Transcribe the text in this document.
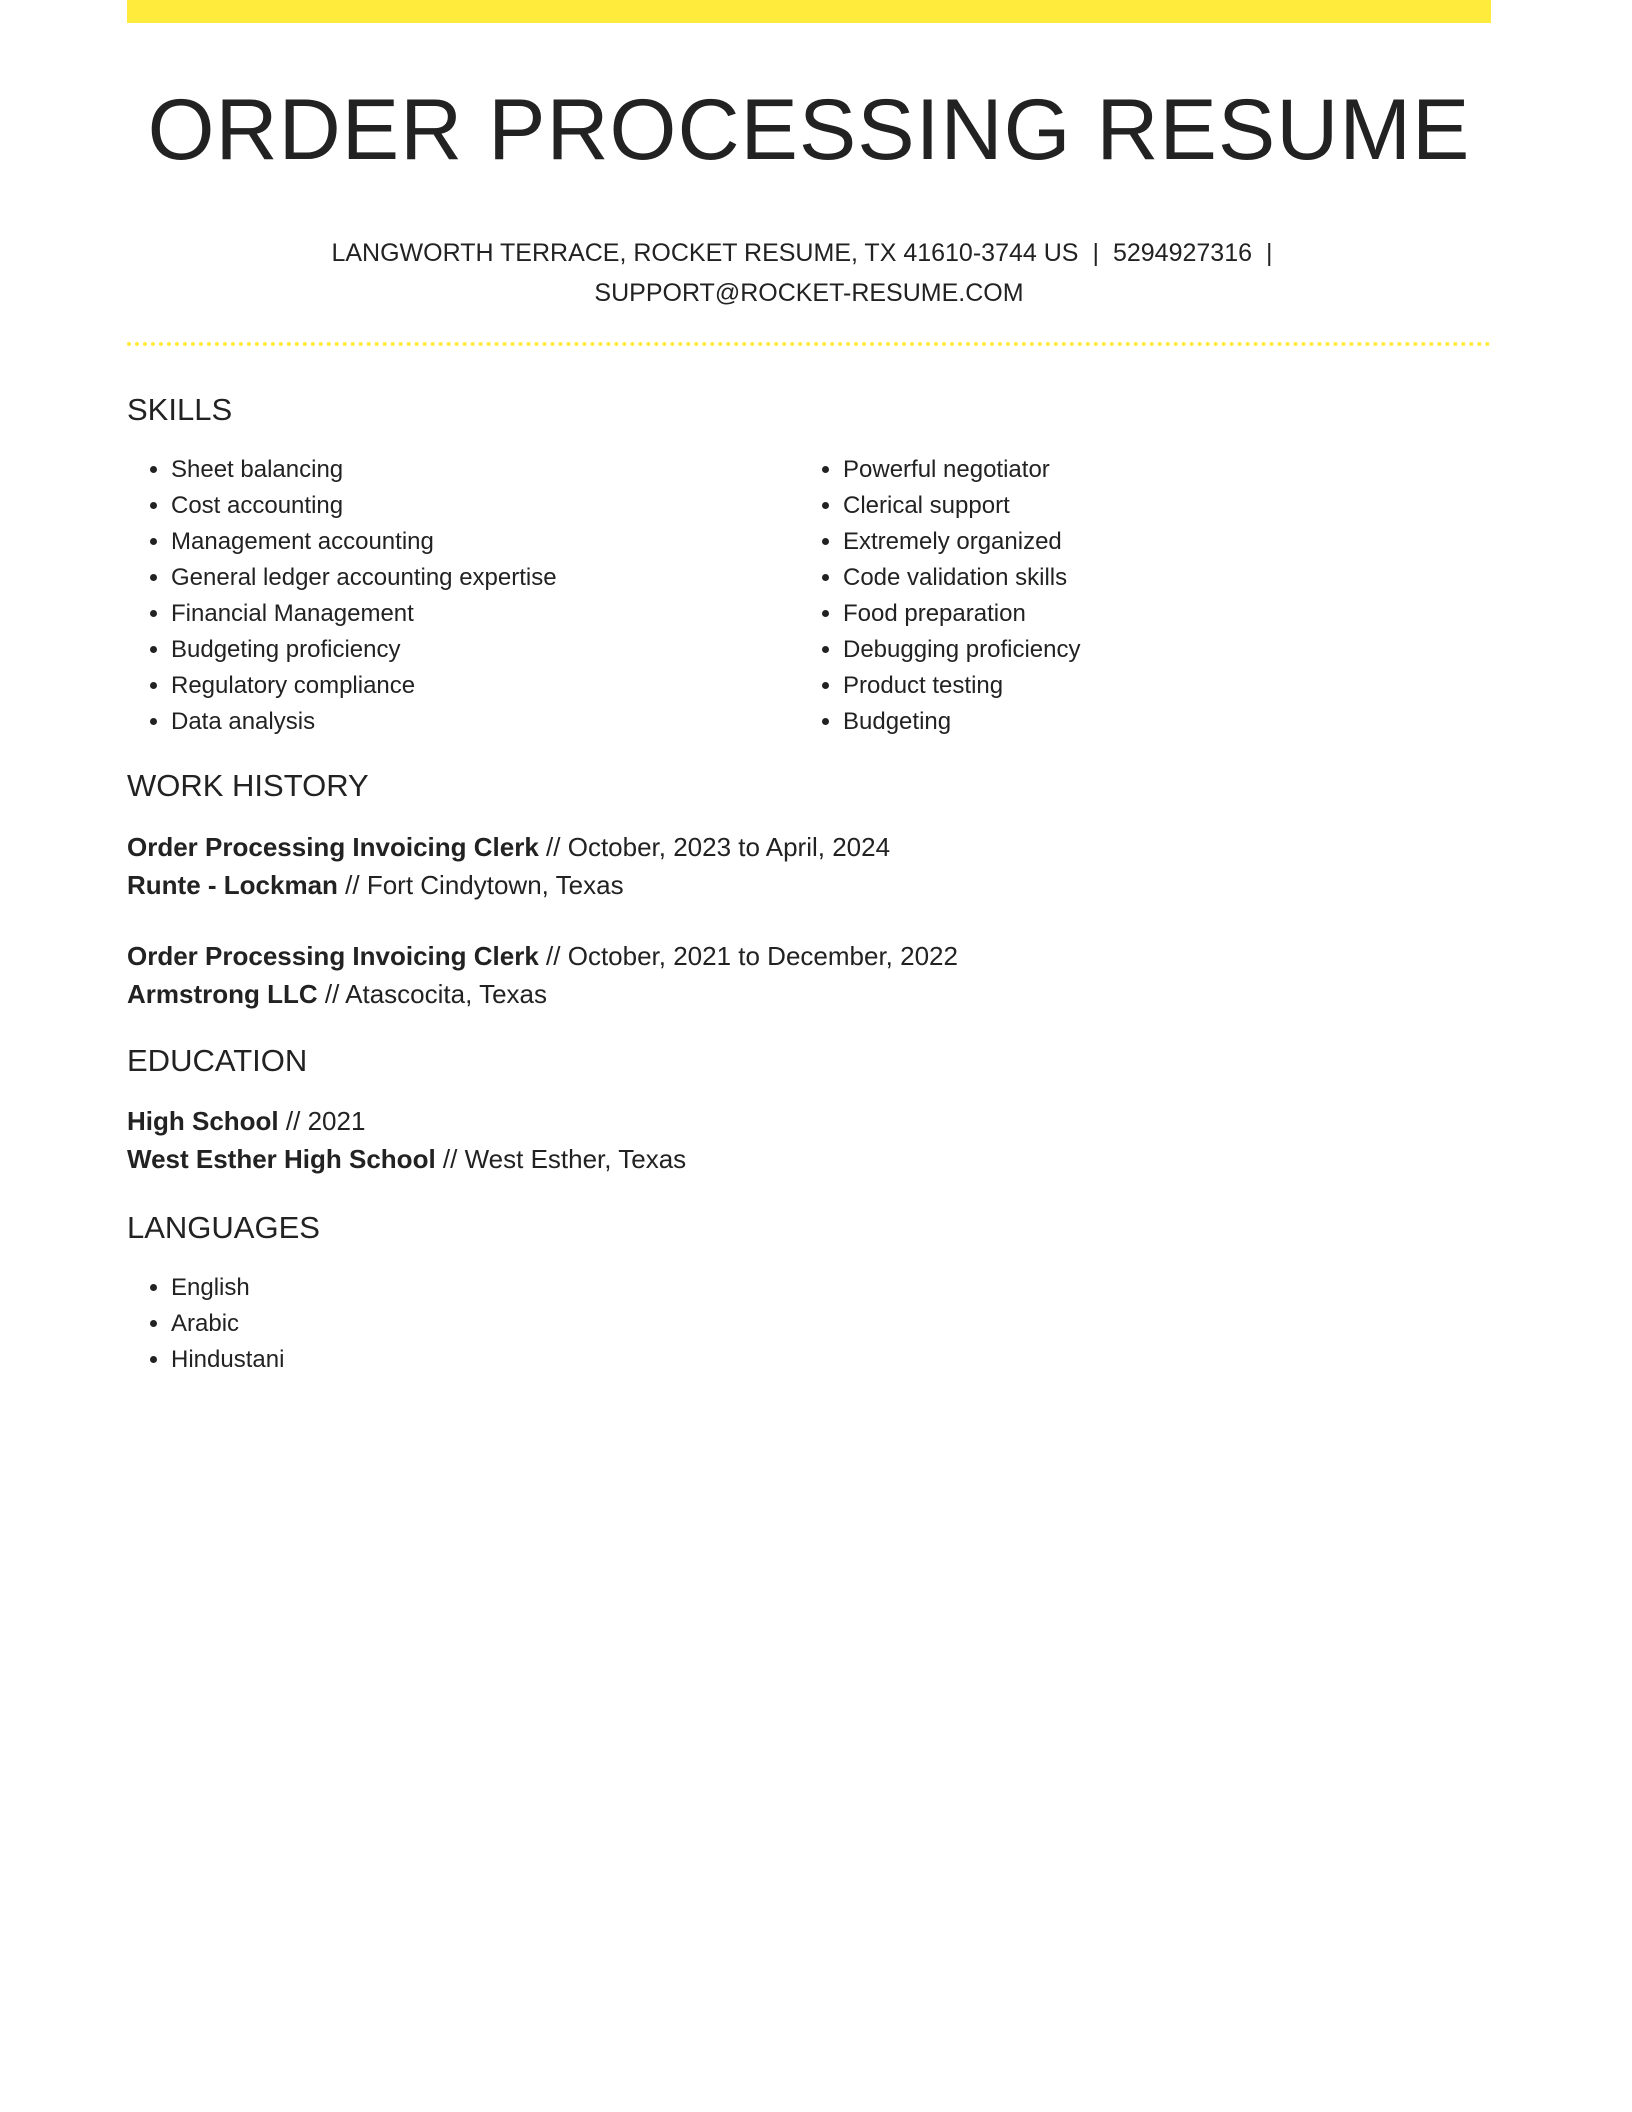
ORDER PROCESSING RESUME
LANGWORTH TERRACE, ROCKET RESUME, TX 41610-3744 US | 5294927316 |
SUPPORT@ROCKET-RESUME.COM
SKILLS
• Sheet balancing
• Cost accounting
• Management accounting
• General ledger accounting expertise
• Financial Management
• Budgeting proficiency
• Regulatory compliance
• Data analysis
• Powerful negotiator
• Clerical support
• Extremely organized
• Code validation skills
• Food preparation
• Debugging proficiency
• Product testing
• Budgeting
WORK HISTORY
Order Processing Invoicing Clerk // October, 2023 to April, 2024
Runte - Lockman // Fort Cindytown, Texas
Order Processing Invoicing Clerk // October, 2021 to December, 2022
Armstrong LLC // Atascocita, Texas
EDUCATION
High School // 2021
West Esther High School // West Esther, Texas
LANGUAGES
• English
• Arabic
• Hindustani
